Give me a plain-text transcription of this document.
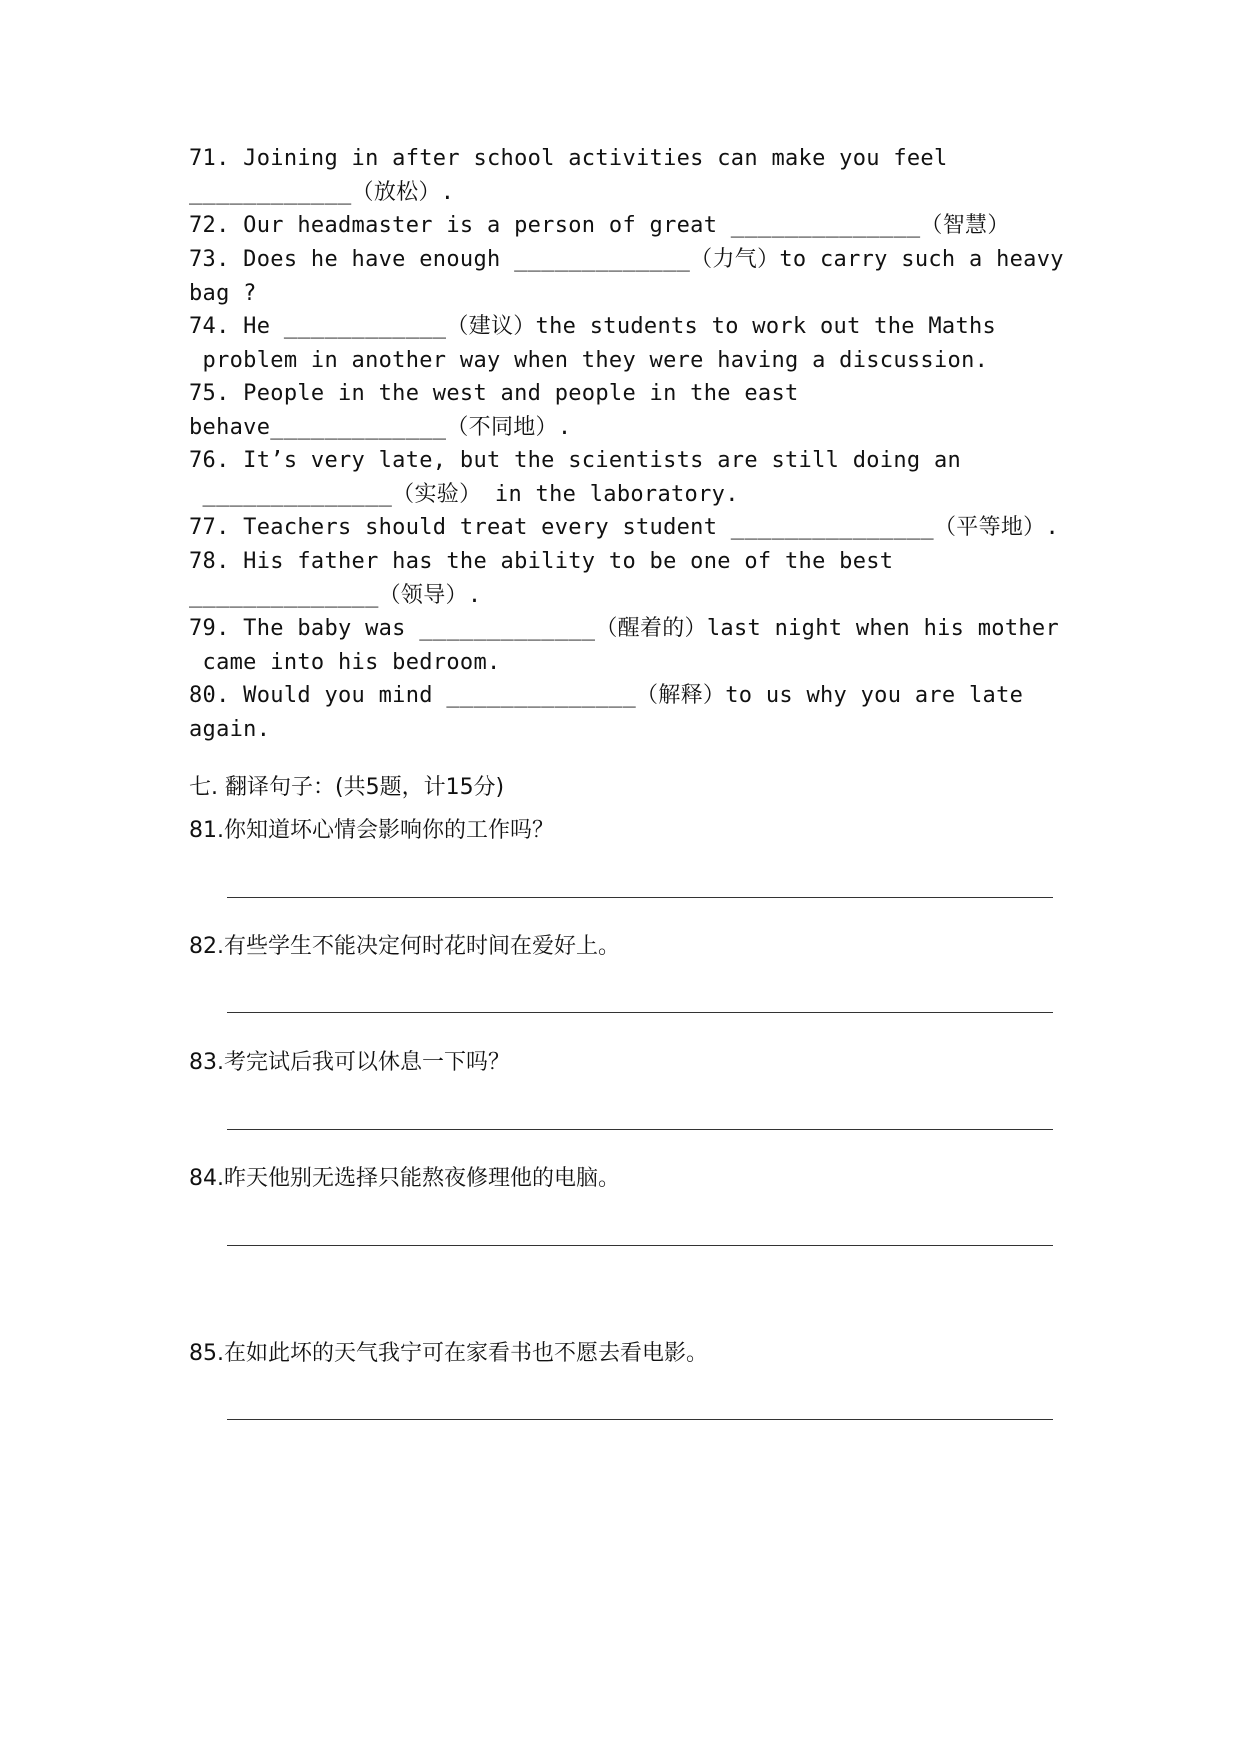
71. Joining in after school activities can make you feel
____________（放松）.
72. Our headmaster is a person of great ______________（智慧）
73. Does he have enough _____________（力气）to carry such a heavy
bag ?
74. He ____________（建议）the students to work out the Maths
problem in another way when they were having a discussion.
75. People in the west and people in the east
behave_____________（不同地）.
76. It’s very late, but the scientists are still doing an
______________（实验） in the laboratory.
77. Teachers should treat every student _______________（平等地）.
78. His father has the ability to be one of the best
______________（领导）.
79. The baby was _____________（醒着的）last night when his mother
came into his bedroom.
80. Would you mind ______________（解释）to us why you are late
again.
七. 翻译句子：(共5题，计15分)
81.你知道坏心情会影响你的工作吗？
82.有些学生不能决定何时花时间在爱好上。
83.考完试后我可以休息一下吗？
84.昨天他别无选择只能熬夜修理他的电脑。
85.在如此坏的天气我宁可在家看书也不愿去看电影。
